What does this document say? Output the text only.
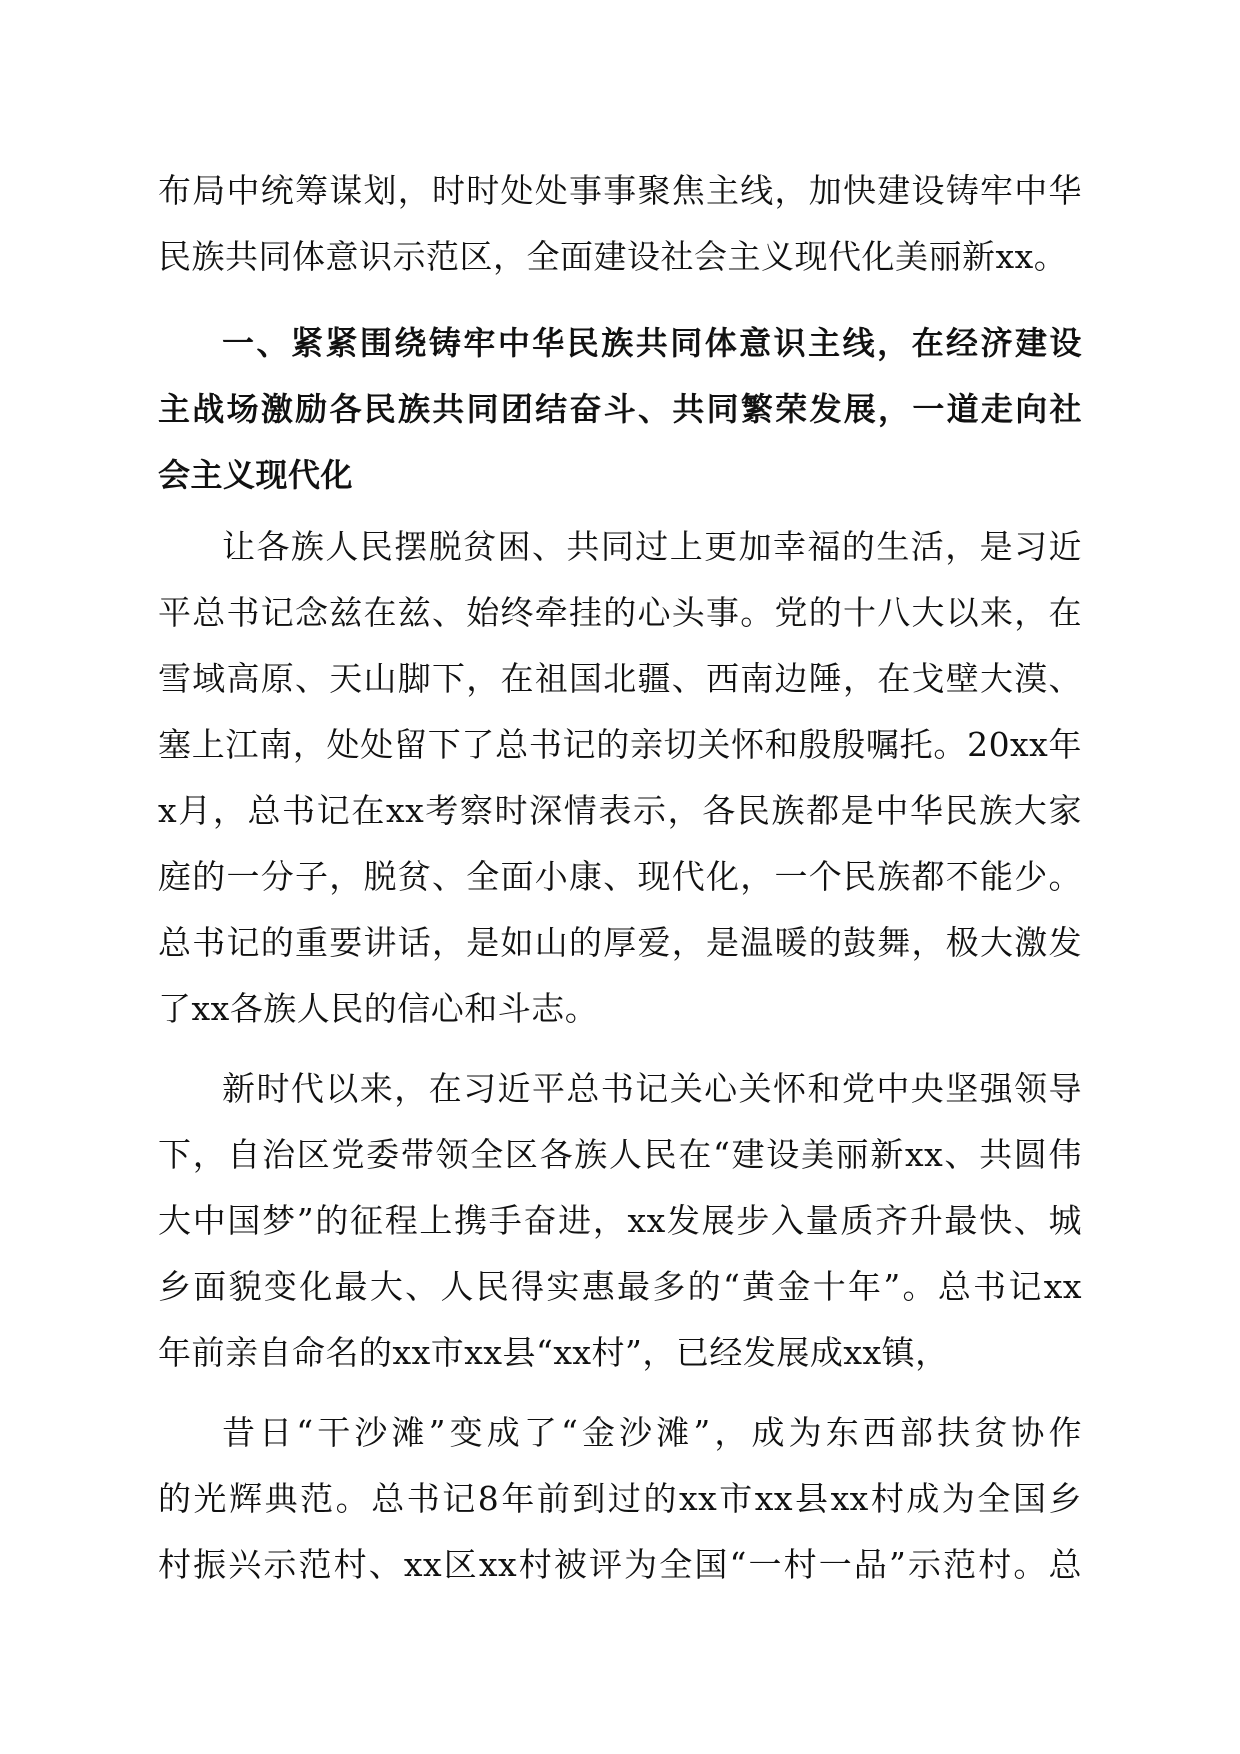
布局中统筹谋划，时时处处事事聚焦主线，加快建设铸牢中华
民族共同体意识示范区，全面建设社会主义现代化美丽新xx。
一、紧紧围绕铸牢中华民族共同体意识主线，在经济建设
主战场激励各民族共同团结奋斗、共同繁荣发展，一道走向社
会主义现代化
让各族人民摆脱贫困、共同过上更加幸福的生活，是习近
平总书记念兹在兹、始终牵挂的心头事。党的十八大以来，在
雪域高原、天山脚下，在祖国北疆、西南边陲，在戈壁大漠、
塞上江南，处处留下了总书记的亲切关怀和殷殷嘱托。20xx年
x月，总书记在xx考察时深情表示，各民族都是中华民族大家
庭的一分子，脱贫、全面小康、现代化，一个民族都不能少。
总书记的重要讲话，是如山的厚爱，是温暖的鼓舞，极大激发
了xx各族人民的信心和斗志。
新时代以来，在习近平总书记关心关怀和党中央坚强领导
下，自治区党委带领全区各族人民在“建设美丽新xx、共圆伟
大中国梦”的征程上携手奋进，xx发展步入量质齐升最快、城
乡面貌变化最大、人民得实惠最多的“黄金十年”。总书记xx
年前亲自命名的xx市xx县“xx村”，已经发展成xx镇，
昔日“干沙滩”变成了“金沙滩”，成为东西部扶贫协作
的光辉典范。总书记8年前到过的xx市xx县xx村成为全国乡
村振兴示范村、xx区xx村被评为全国“一村一品”示范村。总
